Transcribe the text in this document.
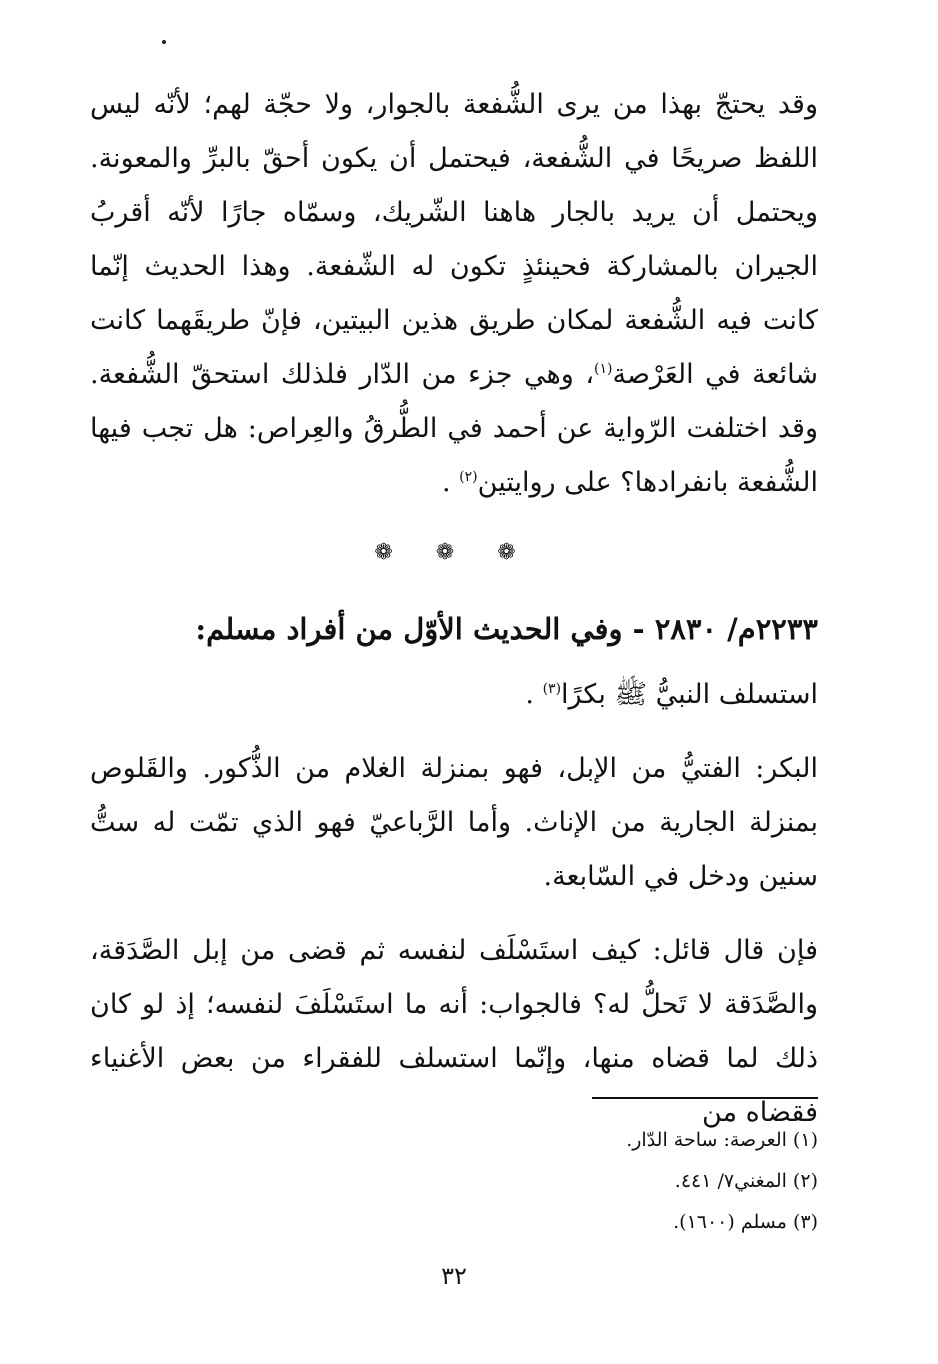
وقد يحتجّ بهذا من يرى الشُّفعة بالجوار، ولا حجّة لهم؛ لأنّه ليس اللفظ صريحًا في الشُّفعة، فيحتمل أن يكون أحقّ بالبرِّ والمعونة. ويحتمل أن يريد بالجار هاهنا الشّريك، وسمّاه جارًا لأنّه أقربُ الجيران بالمشاركة فحينئذٍ تكون له الشّفعة. وهذا الحديث إنّما كانت فيه الشُّفعة لمكان طريق هذين البيتين، فإنّ طريقَهما كانت شائعة في العَرْصة$^{(١)}$، وهي جزء من الدّار فلذلك استحقّ الشُّفعة. وقد اختلفت الرّواية عن أحمد في الطُّرقُ والعِراص: هل تجب فيها الشُّفعة بانفرادها؟ على روايتين$^{(٢)}$ .

❁ ❁ ❁
٢٢٣٣م/ ٢٨٣٠ - وفي الحديث الأوّل من أفراد مسلم:

استسلف النبيُّ ﷺ بكرًا$^{(٣)}$ .

البكر: الفتيُّ من الإبل، فهو بمنزلة الغلام من الذُّكور. والقَلوص بمنزلة الجارية من الإناث. وأما الرَّباعيّ فهو الذي تمّت له ستُّ سنين ودخل في السّابعة.

فإن قال قائل: كيف استَسْلَف لنفسه ثم قضى من إبل الصَّدَقة، والصَّدَقة لا تَحلُّ له؟ فالجواب: أنه ما استَسْلَفَ لنفسه؛ إذ لو كان ذلك لما قضاه منها، وإنّما استسلف للفقراء من بعض الأغنياء فقضاه من

(١) العرصة: ساحة الدّار.
(٢) المغني٧/ ٤٤١.
(٣) مسلم (١٦٠٠).
٣٢
